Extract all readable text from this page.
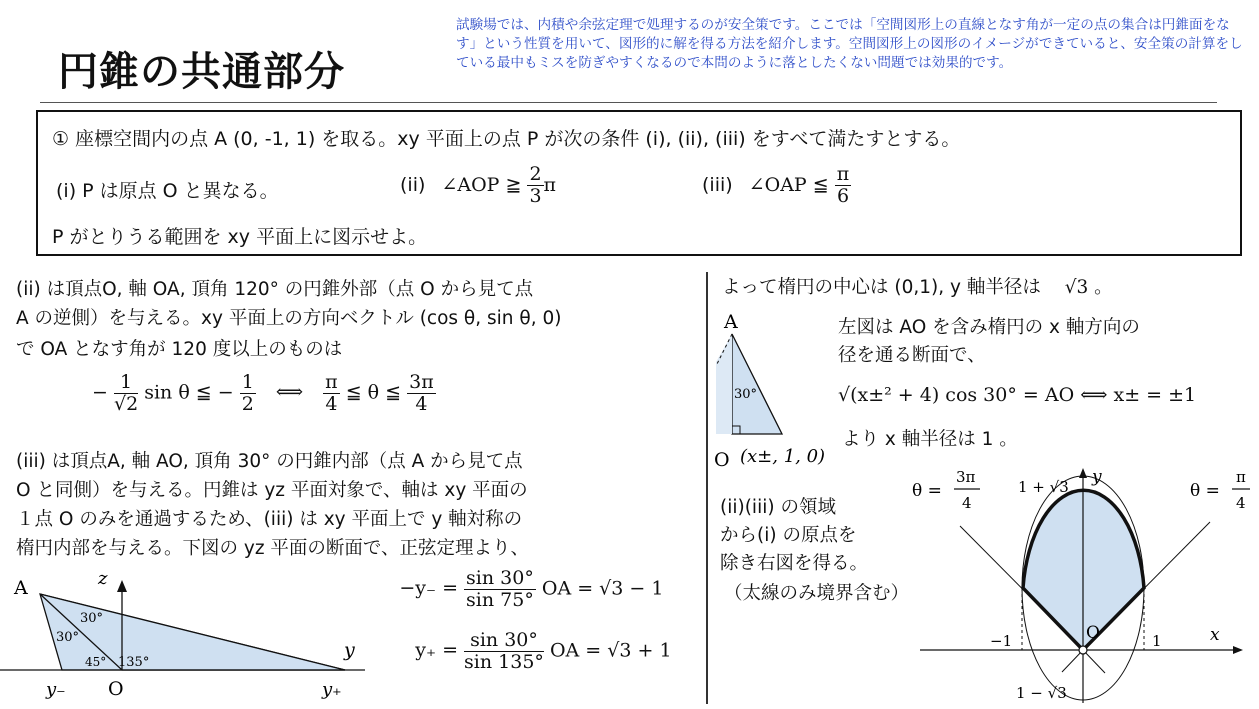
円錐の共通部分
試験場では、内積や余弦定理で処理するのが安全策です。ここでは「空間図形上の直線となす角が一定の点の集合は円錐面をなす」という性質を用いて、図形的に解を得る方法を紹介します。空間図形上の図形のイメージができていると、安全策の計算をしている最中もミスを防ぎやすくなるので本問のように落としたくない問題では効果的です。
① 座標空間内の点 A (0, -1, 1) を取る。xy 平面上の点 P が次の条件 (i), (ii), (iii) をすべて満たすとする。
(i) P は原点 O と異なる。	(ii) ∠AOP ≧ $\frac{2}{3}$ π	(iii) ∠OAP ≦ $\frac{\pi}{6}$
P がとりうる範囲を xy 平面上に図示せよ。
(ii) は頂点O, 軸 OA, 頂角 120° の円錐外部（点 O から見て点
A の逆側）を与える。xy 平面上の方向ベクトル (cos θ, sin θ, 0)
で OA となす角が 120 度以上のものは
− $\frac{1}{√2}$ sin θ ≦ − $\frac{1}{2}$ ⟺ $\frac{\pi}{4}$ ≦ θ ≦ $\frac{3\pi}{4}$
(iii) は頂点A, 軸 AO, 頂角 30° の円錐内部（点 A から見て点
O と同側）を与える。円錐は yz 平面対象で、軸は xy 平面の
１点 O のみを通過するため、(iii) は xy 平面上で y 軸対称の
楕円内部を与える。下図の yz 平面の断面で、正弦定理より、
A	z
y
O
y₋	y₊
30°
30°
45° 135°
$-y_- = \frac{\sin 30^\circ}{\sin 75^\circ}$ OA = √3 − 1
$y_+ = \frac{\sin 30^\circ}{\sin 135^\circ}$ OA = √3 + 1
よって楕円の中心は (0,1), y 軸半径は √3 。
A
30°
O (x±, 1, 0)
左図は AO を含み楕円の x 軸方向の
径を通る断面で、
√(x±² + 4) cos 30° = AO ⟺ x± = ±1
より x 軸半径は 1 。
(ii)(iii) の領域
から(i) の原点を
除き右図を得る。
（太線のみ境界含む）
θ =
3π
4
θ =
π
4
1 + √3 y
x
O
−1	1
1 − √3
